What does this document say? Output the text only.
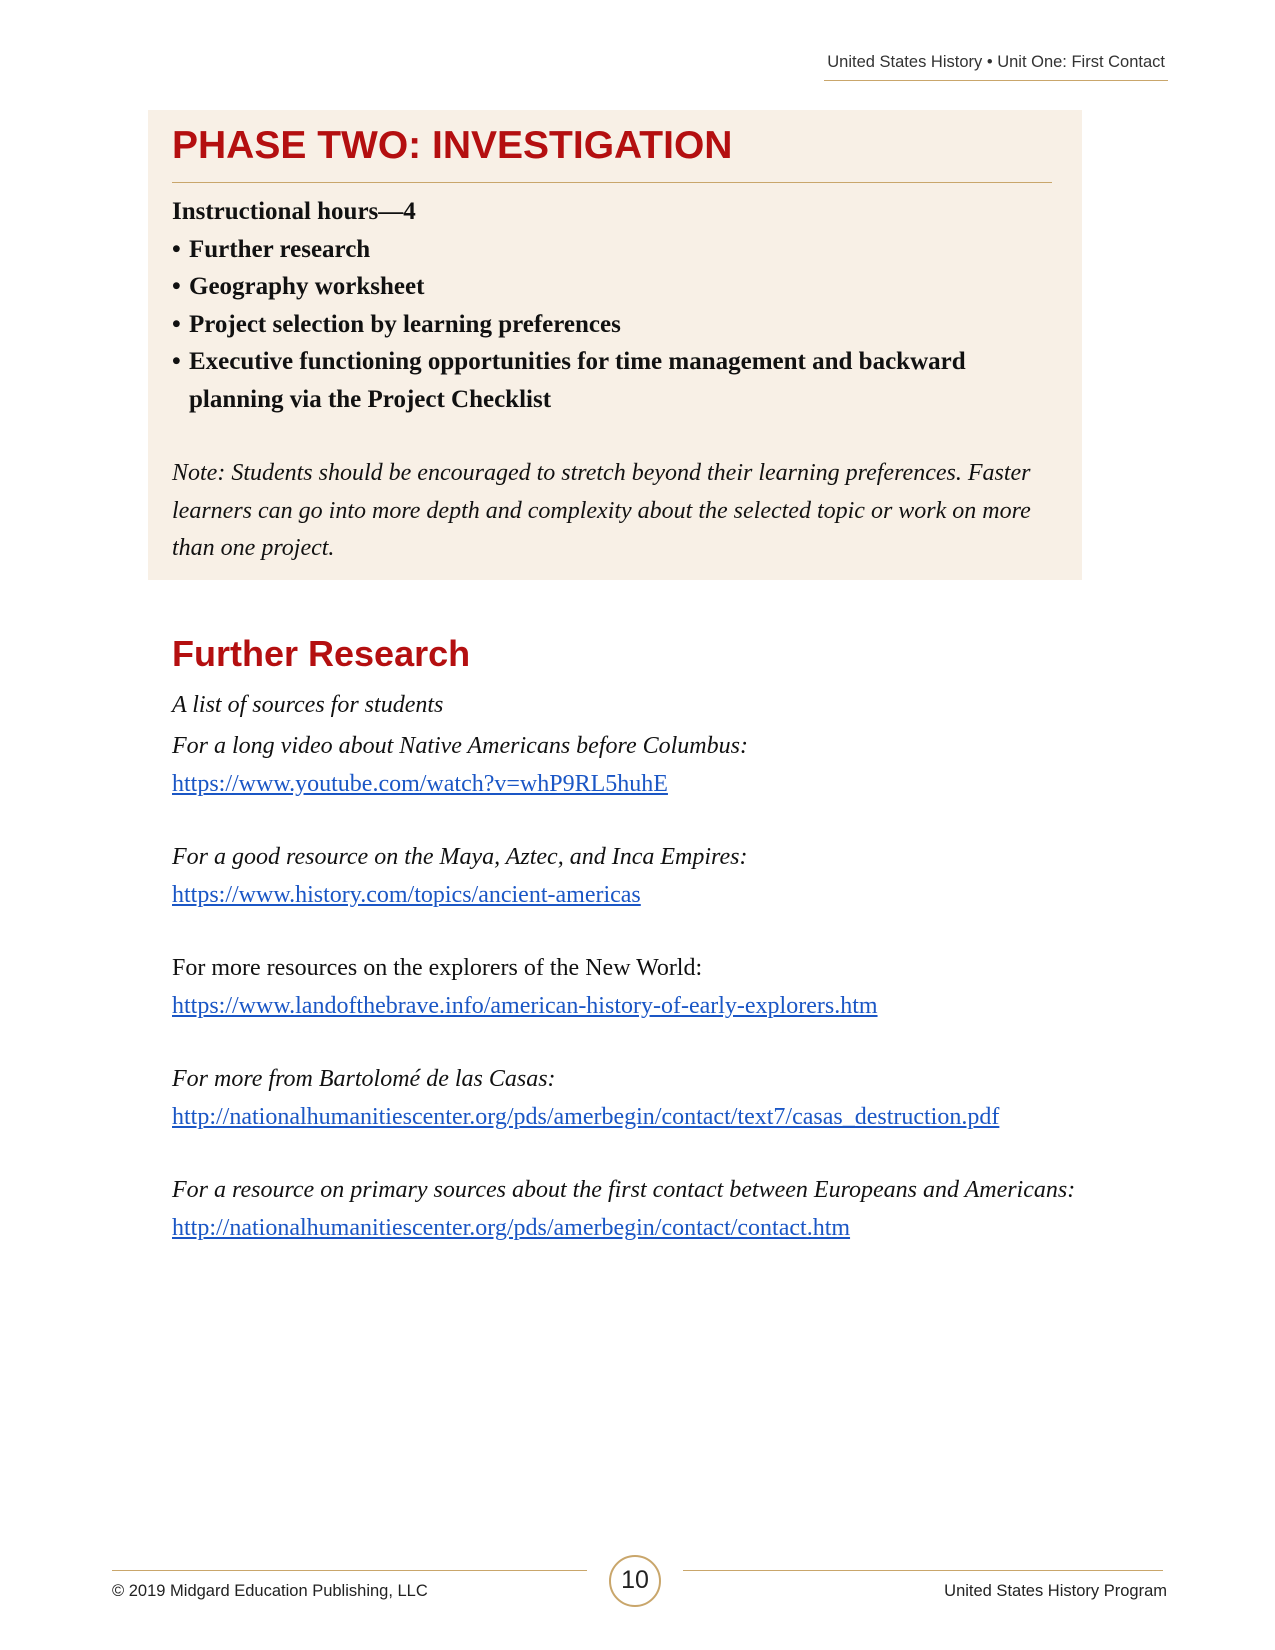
United States History • Unit One: First Contact
PHASE TWO: INVESTIGATION
Instructional hours—4
• Further research
• Geography worksheet
• Project selection by learning preferences
• Executive functioning opportunities for time management and backward planning via the Project Checklist
Note: Students should be encouraged to stretch beyond their learning preferences. Faster learners can go into more depth and complexity about the selected topic or work on more than one project.
Further Research
A list of sources for students
For a long video about Native Americans before Columbus:
https://www.youtube.com/watch?v=whP9RL5huhE
For a good resource on the Maya, Aztec, and Inca Empires:
https://www.history.com/topics/ancient-americas
For more resources on the explorers of the New World:
https://www.landofthebrave.info/american-history-of-early-explorers.htm
For more from Bartolomé de las Casas:
http://nationalhumanitiescenter.org/pds/amerbegin/contact/text7/casas_destruction.pdf
For a resource on primary sources about the first contact between Europeans and Americans:
http://nationalhumanitiescenter.org/pds/amerbegin/contact/contact.htm
10
© 2019 Midgard Education Publishing, LLC	United States History Program
